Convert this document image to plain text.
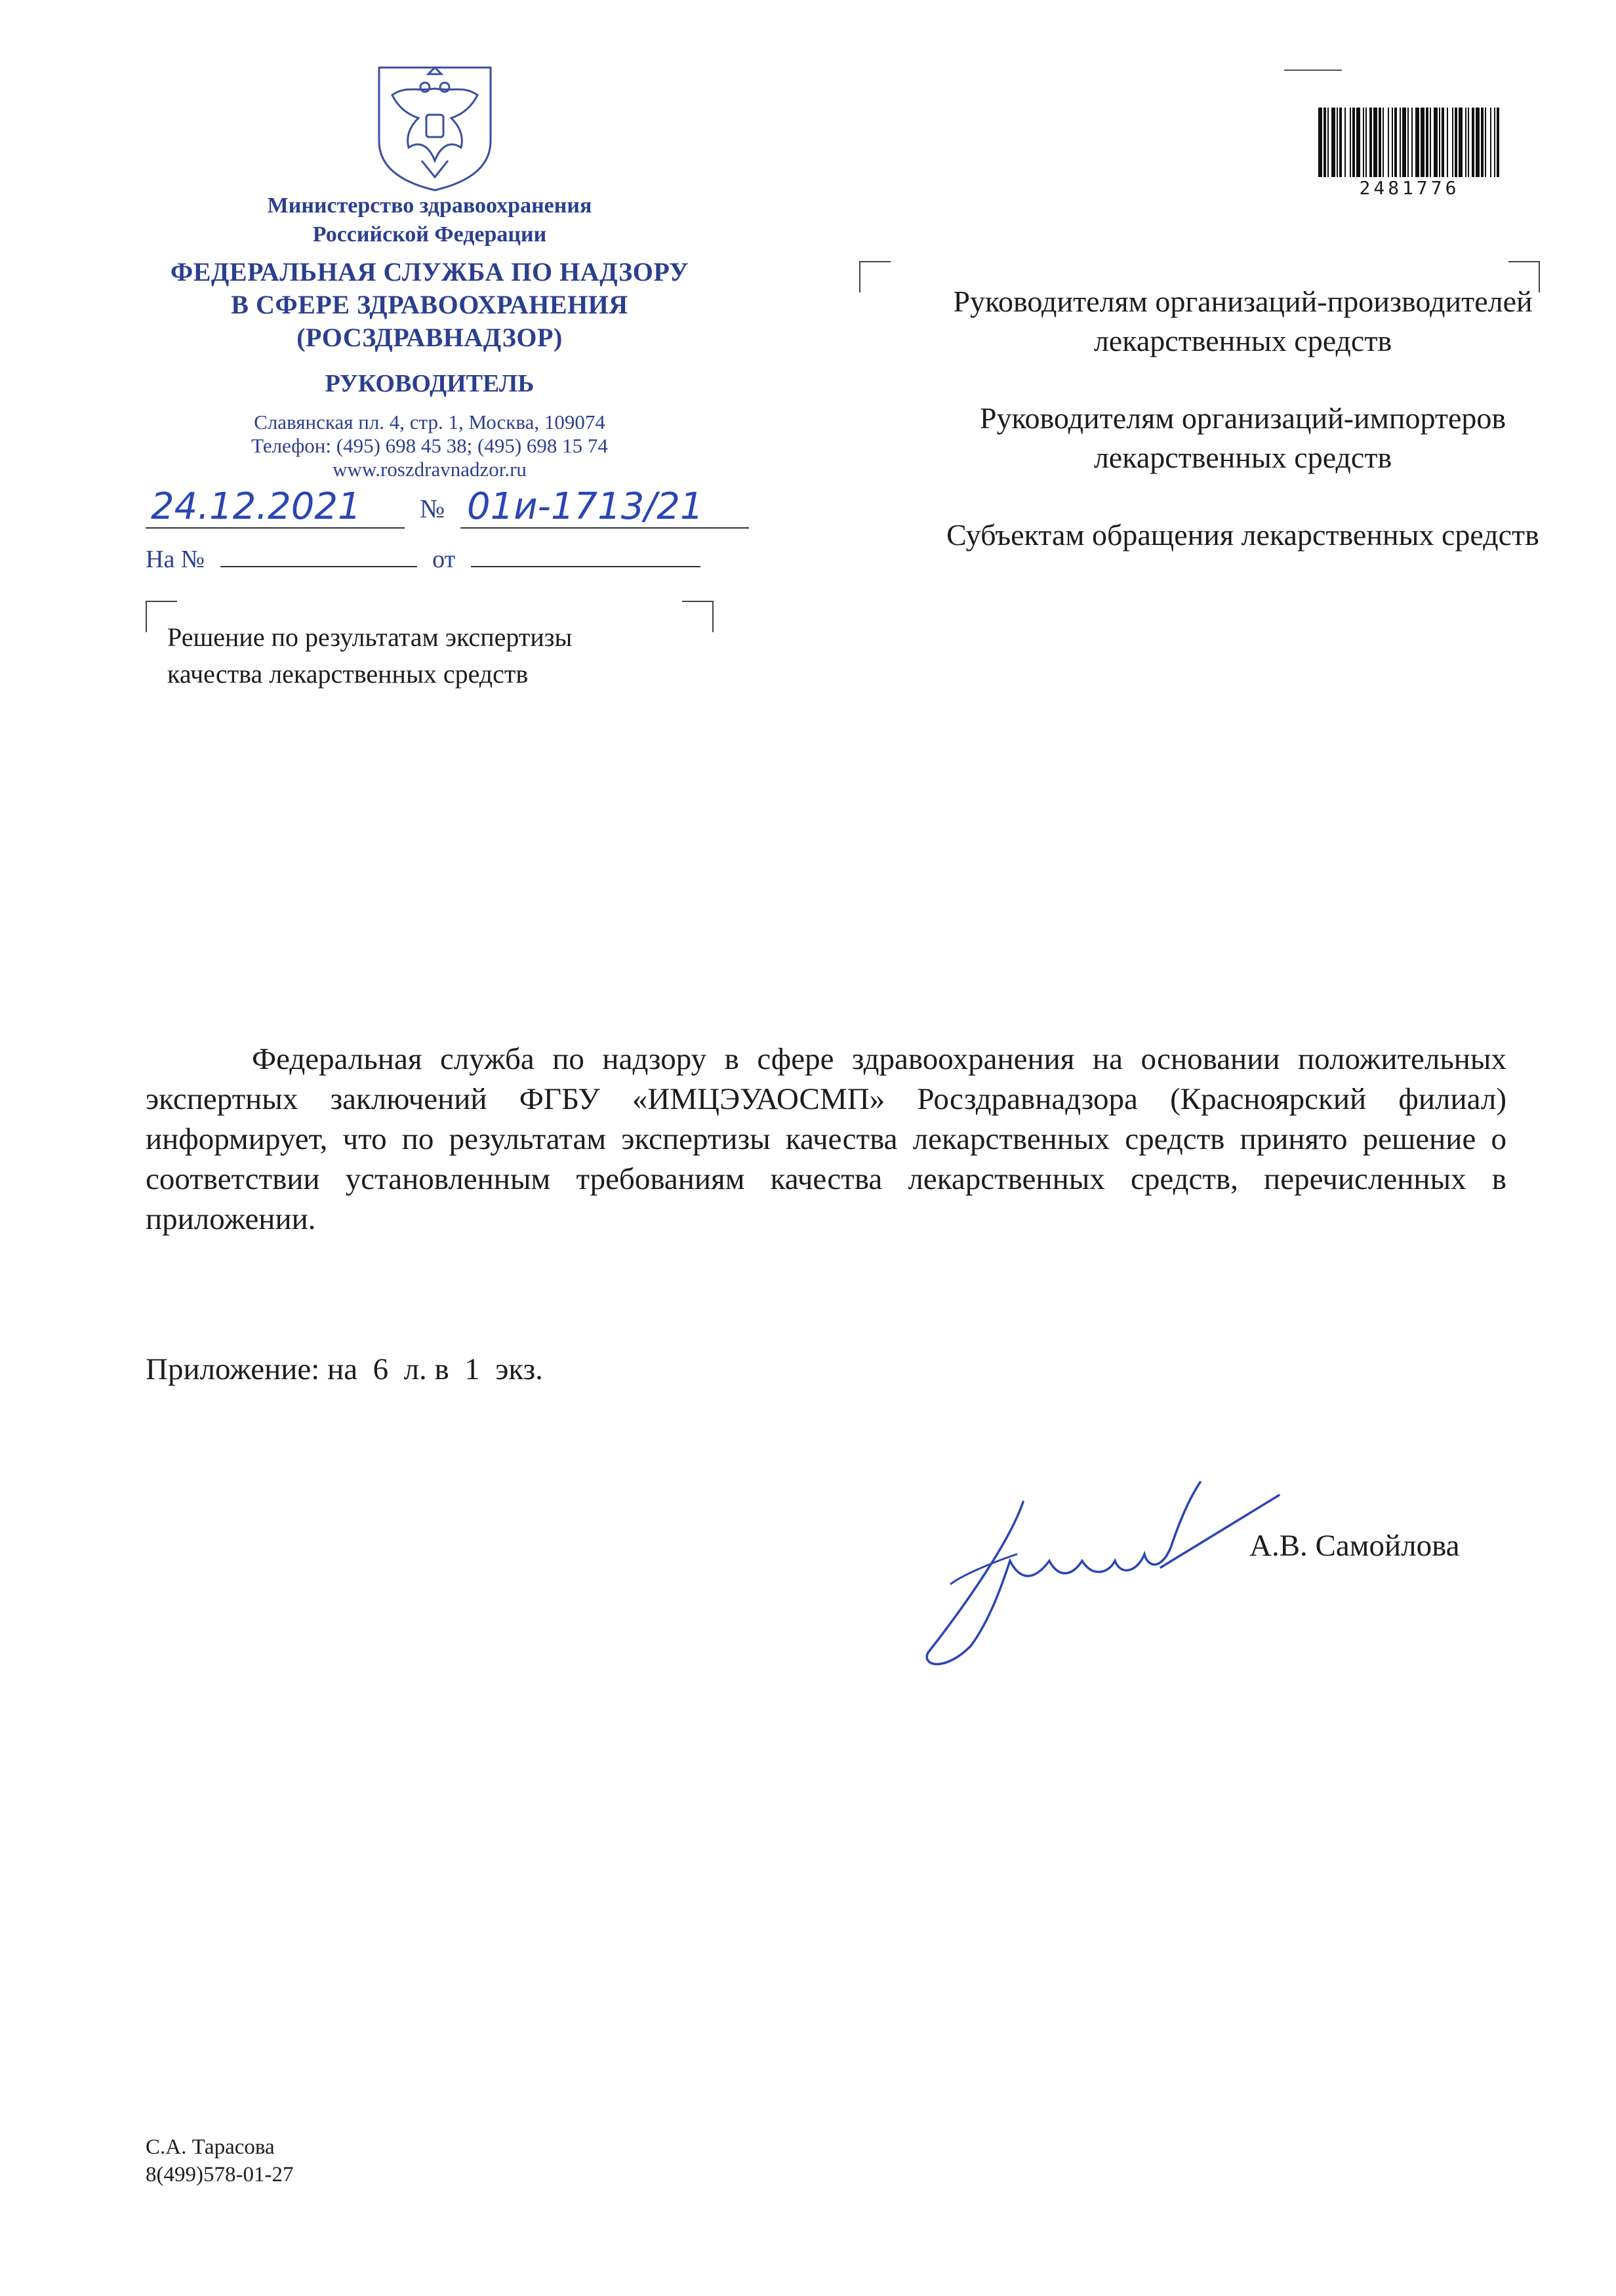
Министерство здравоохранения
Российской Федерации
ФЕДЕРАЛЬНАЯ СЛУЖБА ПО НАДЗОРУ
В СФЕРЕ ЗДРАВООХРАНЕНИЯ
(РОСЗДРАВНАДЗОР)
РУКОВОДИТЕЛЬ
Славянская пл. 4, стр. 1, Москва, 109074
Телефон: (495) 698 45 38; (495) 698 15 74
www.roszdravnadzor.ru
24.12.2021 № 01и-1713/21
На №	от
Решение по результатам экспертизы
качества лекарственных средств
2481776

Руководителям организаций-производителей лекарственных средств

Руководителям организаций-импортеров лекарственных средств

Субъектам обращения лекарственных средств

Федеральная служба по надзору в сфере здравоохранения на основании положительных экспертных заключений ФГБУ «ИМЦЭУАОСМП» Росздравнадзора (Красноярский филиал) информирует, что по результатам экспертизы качества лекарственных средств принято решение о соответствии установленным требованиям качества лекарственных средств, перечисленных в приложении.

Приложение: на  6  л. в  1  экз.
А.В. Самойлова
С.А. Тарасова
8(499)578-01-27
